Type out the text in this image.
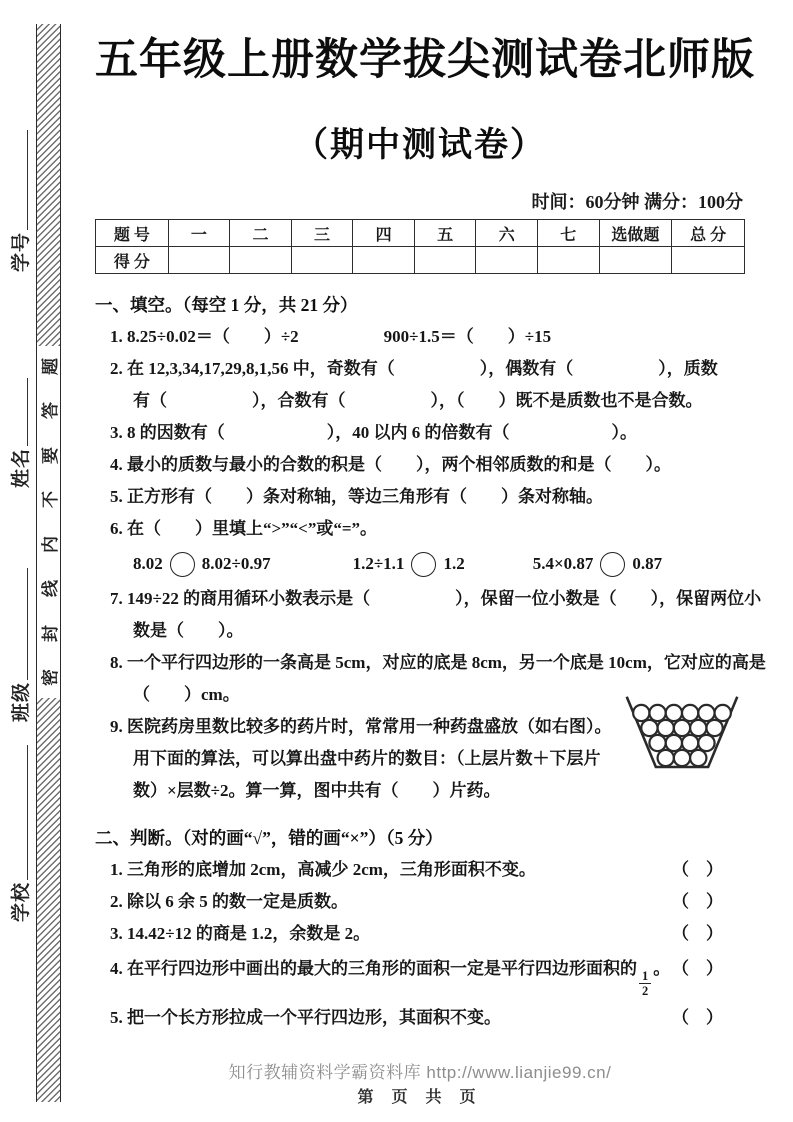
学号
姓名
班级
学校
题
答
要
不
内
线
封
密
五年级上册数学拔尖测试卷北师版
（期中测试卷）
时间：60分钟 满分：100分
题 号	一	二	三	四	五	六	七	选做题	总 分
得 分									
一、填空。（每空 1 分，共 21 分）
1. 8.25÷0.02＝（　　）÷2　　　　　900÷1.5＝（　　）÷15
2. 在 12,3,34,17,29,8,1,56 中，奇数有（　　　　　），偶数有（　　　　　），质数
有（　　　　　），合数有（　　　　　），（　　）既不是质数也不是合数。
3. 8 的因数有（　　　　　　），40 以内 6 的倍数有（　　　　　　）。
4. 最小的质数与最小的合数的积是（　　），两个相邻质数的和是（　　）。
5. 正方形有（　　）条对称轴，等边三角形有（　　）条对称轴。
6. 在（　　）里填上“>”“<”或“=”。
8.02 8.02÷0.97	1.2÷1.1 1.2	5.4×0.87 0.87
7. 149÷22 的商用循环小数表示是（　　　　　），保留一位小数是（　　），保留两位小
数是（　　）。
8. 一个平行四边形的一条高是 5cm，对应的底是 8cm，另一个底是 10cm，它对应的高是
（　　）cm。
9. 医院药房里数比较多的药片时，常常用一种药盘盛放（如右图）。
用下面的算法，可以算出盘中药片的数目：（上层片数＋下层片
数）×层数÷2。算一算，图中共有（　　）片药。
二、判断。（对的画“√”，错的画“×”）（5 分）
1. 三角形的底增加 2cm，高减少 2cm，三角形面积不变。	（　）
2. 除以 6 余 5 的数一定是质数。	（　）
3. 14.42÷12 的商是 1.2，余数是 2。	（　）
4. 在平行四边形中画出的最大的三角形的面积一定是平行四边形面积的
$\frac{1}{2}$
。 （　）
5. 把一个长方形拉成一个平行四边形，其面积不变。	（　）
知行教辅资料学霸资料库 http://www.lianjie99.cn/
第 页 共 页
